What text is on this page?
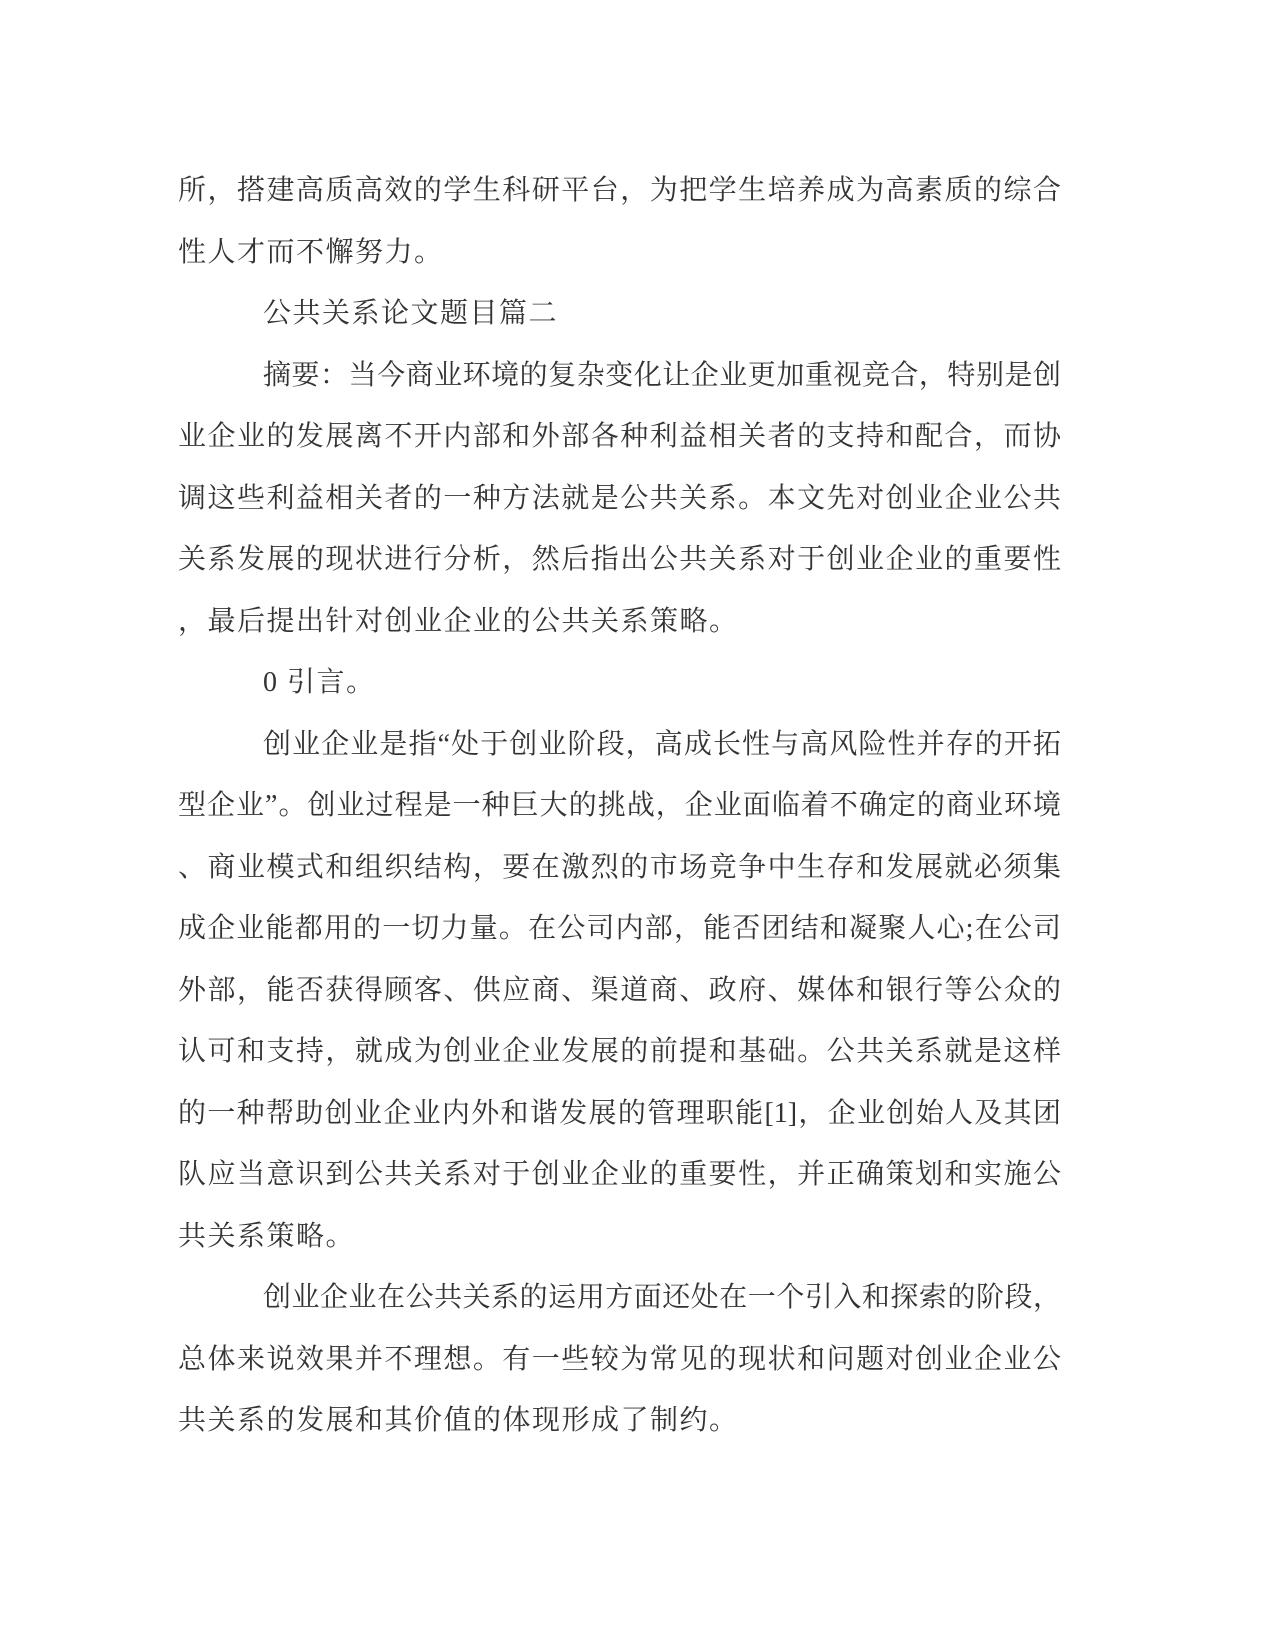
所，搭建高质高效的学生科研平台，为把学生培养成为高素质的综合
性人才而不懈努力。
公共关系论文题目篇二
摘要：当今商业环境的复杂变化让企业更加重视竞合，特别是创
业企业的发展离不开内部和外部各种利益相关者的支持和配合，而协
调这些利益相关者的一种方法就是公共关系。本文先对创业企业公共
关系发展的现状进行分析，然后指出公共关系对于创业企业的重要性
，最后提出针对创业企业的公共关系策略。
0 引言。
创业企业是指“处于创业阶段，高成长性与高风险性并存的开拓
型企业”。创业过程是一种巨大的挑战，企业面临着不确定的商业环境
、商业模式和组织结构，要在激烈的市场竞争中生存和发展就必须集
成企业能都用的一切力量。在公司内部，能否团结和凝聚人心;在公司
外部，能否获得顾客、供应商、渠道商、政府、媒体和银行等公众的
认可和支持，就成为创业企业发展的前提和基础。公共关系就是这样
的一种帮助创业企业内外和谐发展的管理职能[1]，企业创始人及其团
队应当意识到公共关系对于创业企业的重要性，并正确策划和实施公
共关系策略。
创业企业在公共关系的运用方面还处在一个引入和探索的阶段，
总体来说效果并不理想。有一些较为常见的现状和问题对创业企业公
共关系的发展和其价值的体现形成了制约。
